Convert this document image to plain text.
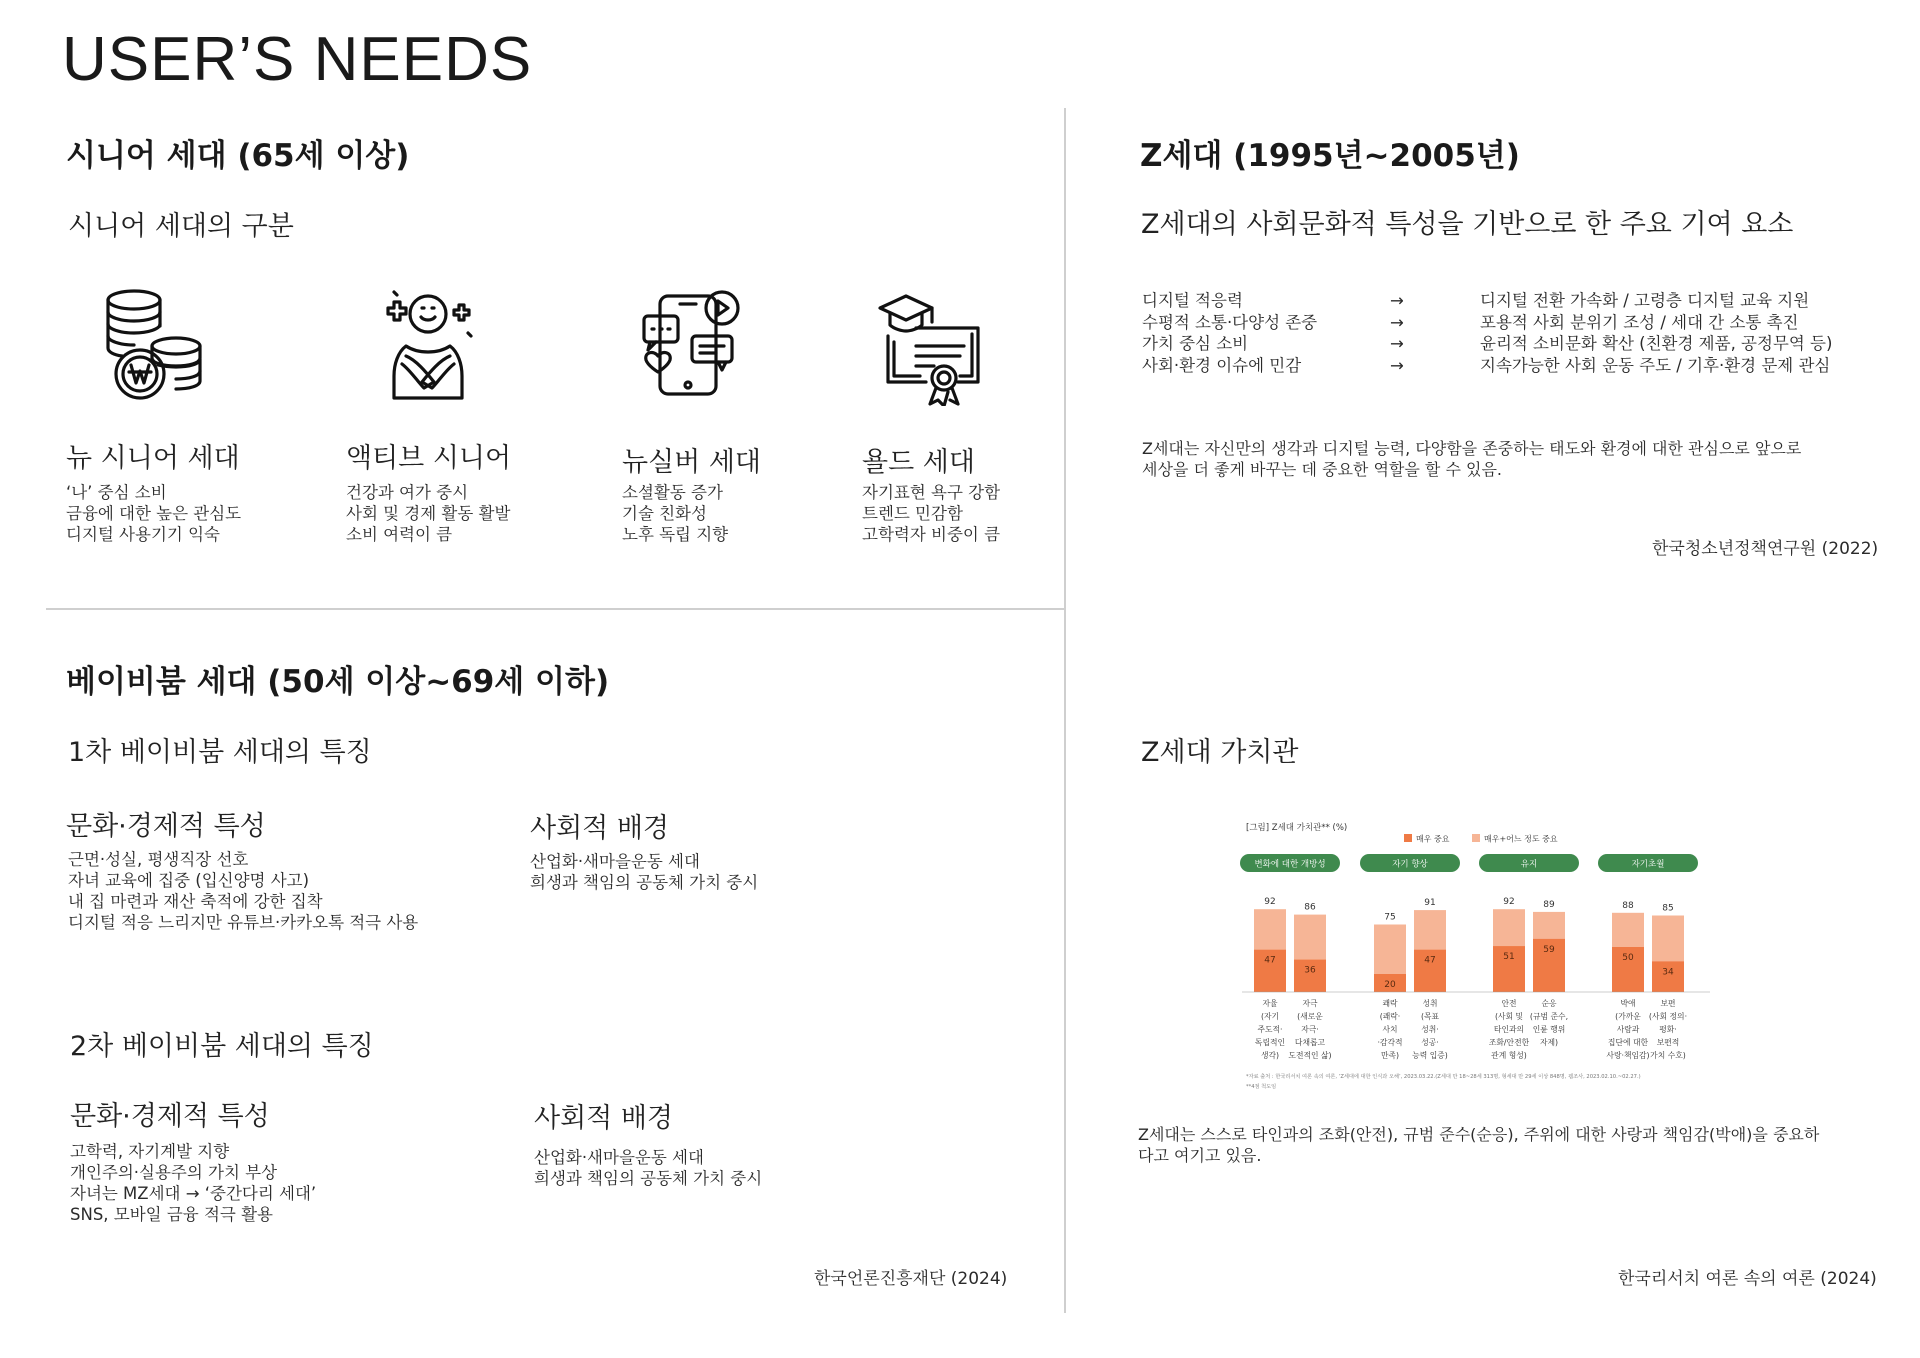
USER’S NEEDS
시니어 세대 (65세 이상)
시니어 세대의 구분
뉴 시니어 세대
‘나’ 중심 소비
금융에 대한 높은 관심도
디지털 사용기기 익숙
액티브 시니어
건강과 여가 중시
사회 및 경제 활동 활발
소비 여력이 큼
뉴실버 세대
소셜활동 증가
기술 친화성
노후 독립 지향
욜드 세대
자기표현 욕구 강함
트렌드 민감함
고학력자 비중이 큼
베이비붐 세대 (50세 이상~69세 이하)
1차 베이비붐 세대의 특징
문화·경제적 특성
근면·성실, 평생직장 선호
자녀 교육에 집중 (입신양명 사고)
내 집 마련과 재산 축적에 강한 집착
디지털 적응 느리지만 유튜브·카카오톡 적극 사용
사회적 배경
산업화·새마을운동 세대
희생과 책임의 공동체 가치 중시
2차 베이비붐 세대의 특징
문화·경제적 특성
고학력, 자기계발 지향
개인주의·실용주의 가치 부상
자녀는 MZ세대 → ‘중간다리 세대’
SNS, 모바일 금융 적극 활용
사회적 배경
산업화·새마을운동 세대
희생과 책임의 공동체 가치 중시
한국언론진흥재단 (2024)
Z세대 (1995년~2005년)
Z세대의 사회문화적 특성을 기반으로 한 주요 기여 요소
디지털 적응력
수평적 소통·다양성 존중
가치 중심 소비
사회·환경 이슈에 민감
→
→
→
→
디지털 전환 가속화 / 고령층 디지털 교육 지원
포용적 사회 분위기 조성 / 세대 간 소통 촉진
윤리적 소비문화 확산 (친환경 제품, 공정무역 등)
지속가능한 사회 운동 주도 / 기후·환경 문제 관심
Z세대는 자신만의 생각과 디지털 능력, 다양함을 존중하는 태도와 환경에 대한 관심으로 앞으로
세상을 더 좋게 바꾸는 데 중요한 역할을 할 수 있음.
한국청소년정책연구원 (2022)
Z세대 가치관
[그림] Z세대 가치관** (%)
매우 중요	매우+어느 정도 중요
변화에 대한 개방성
92
47
자율
(자기
주도적·
독립적인
생각)
86
36
자극
(새로운
자극·
다채롭고
도전적인 삶)
자기 향상
75
20
쾌락
(쾌락·
사치
·감각적
만족)
91
47
성취
(목표
성취·
성공·
능력 입증)
유지
92
51
안전
(사회 및
타인과의
조화/안전한
관계 형성)
89
59
순응
(규범 준수,
인륜 행위
자제)
자기초월
88
50
박애
(가까운
사람과
집단에 대한
사랑·책임감)
85
34
보편
(사회 정의·
평화·
보편적
가치 수호)
*자료 출처 : 한국리서치 여론 속의 여론, ‘Z세대에 대한 인식과 오해’, 2023.03.22.(Z세대 만 18~28세 313명, 형세대 만 29세 이상 848명, 웹조사, 2023.02.10.~02.27.)
**4점 척도임
Z세대는 스스로 타인과의 조화(안전), 규범 준수(순응), 주위에 대한 사랑과 책임감(박애)을 중요하
다고 여기고 있음.
한국리서치 여론 속의 여론 (2024)
